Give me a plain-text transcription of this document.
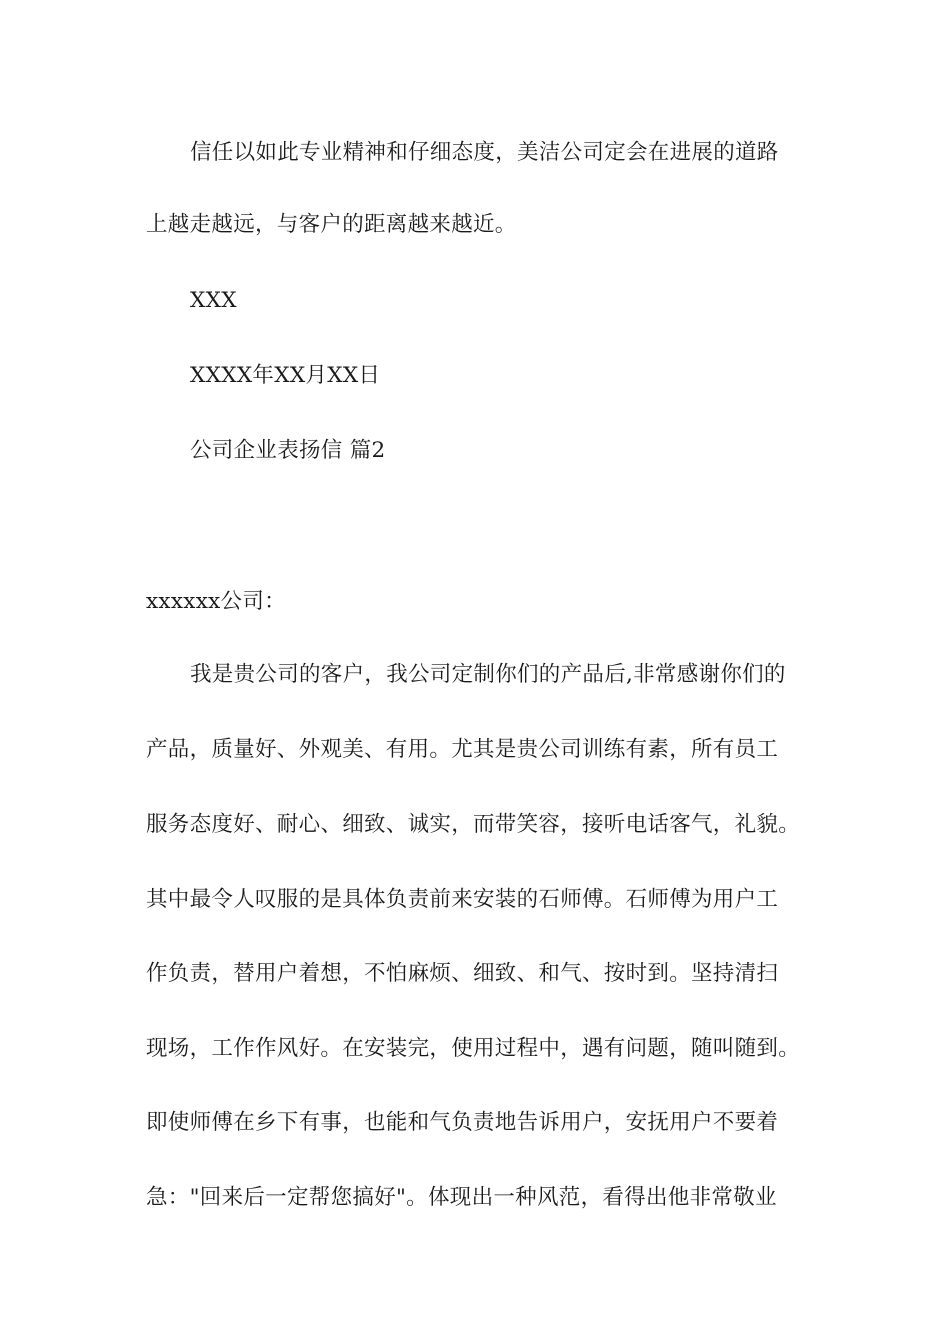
信任以如此专业精神和仔细态度，美洁公司定会在进展的道路
上越走越远，与客户的距离越来越近。
XXX
XXXX年XX月XX日
公司企业表扬信 篇2
xxxxxx公司：
我是贵公司的客户，我公司定制你们的产品后,非常感谢你们的
产品，质量好、外观美、有用。尤其是贵公司训练有素，所有员工
服务态度好、耐心、细致、诚实，而带笑容，接听电话客气，礼貌。
其中最令人叹服的是具体负责前来安装的石师傅。石师傅为用户工
作负责，替用户着想，不怕麻烦、细致、和气、按时到。坚持清扫
现场，工作作风好。在安装完，使用过程中，遇有问题，随叫随到。
即使师傅在乡下有事，也能和气负责地告诉用户，安抚用户不要着
急："回来后一定帮您搞好"。体现出一种风范，看得出他非常敬业
